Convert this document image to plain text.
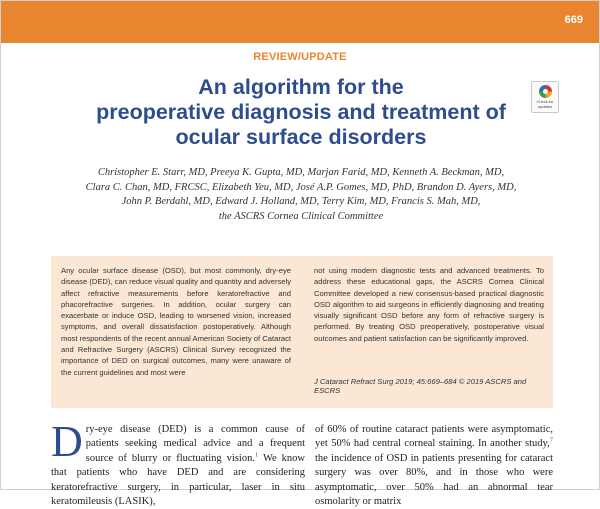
669
REVIEW/UPDATE
An algorithm for the
preoperative diagnosis and treatment of
ocular surface disorders
Check for updates
Christopher E. Starr, MD, Preeya K. Gupta, MD, Marjan Farid, MD, Kenneth A. Beckman, MD,
Clara C. Chan, MD, FRCSC, Elizabeth Yeu, MD, José A.P. Gomes, MD, PhD, Brandon D. Ayers, MD,
John P. Berdahl, MD, Edward J. Holland, MD, Terry Kim, MD, Francis S. Mah, MD,
the ASCRS Cornea Clinical Committee

Any ocular surface disease (OSD), but most commonly, dry-eye disease (DED), can reduce visual quality and quantity and adversely affect refractive measurements before keratorefractive and phacorefractive surgeries. In addition, ocular surgery can exacerbate or induce OSD, leading to worsened vision, increased symptoms, and overall dissatisfaction postoperatively. Although most respondents of the recent annual American Society of Cataract and Refractive Surgery (ASCRS) Clinical Survey recognized the importance of DED on surgical outcomes, many were unaware of the current guidelines and most were

not using modern diagnostic tests and advanced treatments. To address these educational gaps, the ASCRS Cornea Clinical Committee developed a new consensus-based practical diagnostic OSD algorithm to aid surgeons in efficiently diagnosing and treating visually significant OSD before any form of refractive surgery is performed. By treating OSD preoperatively, postoperative visual outcomes and patient satisfaction can be significantly improved.

J Cataract Refract Surg 2019; 45:669–684 © 2019 ASCRS and ESCRS

Dry-eye disease (DED) is a common cause of patients seeking medical advice and a frequent source of blurry or fluctuating vision.$^1$ We know that patients who have DED and are considering keratorefractive surgery, in particular, laser in situ keratomileusis (LASIK),

of 60% of routine cataract patients were asymptomatic, yet 50% had central corneal staining. In another study,$^7$ the incidence of OSD in patients presenting for cataract surgery was over 80%, and in those who were asymptomatic, over 50% had an abnormal tear osmolarity or matrix
